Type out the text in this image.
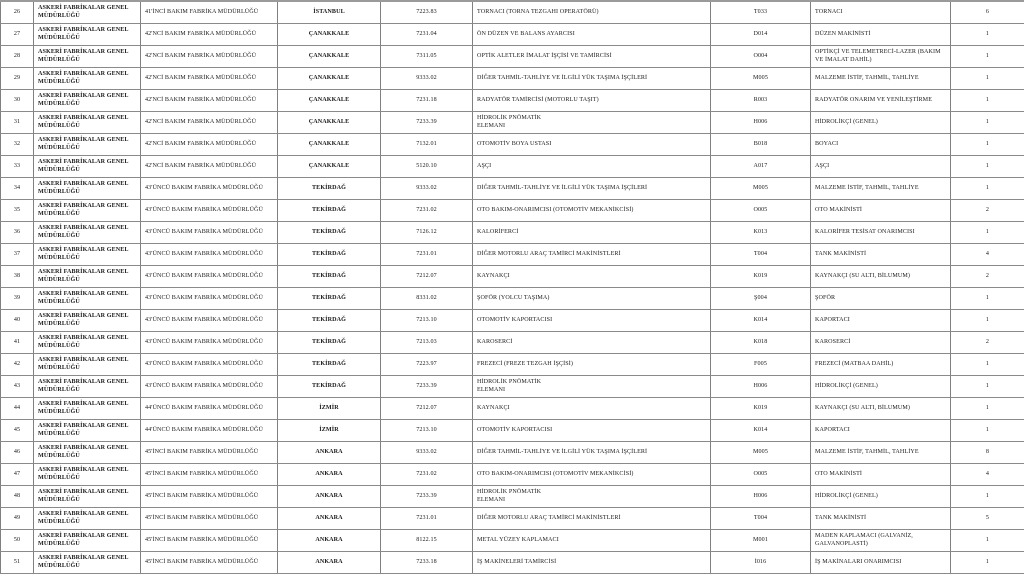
26	ASKERİ FABRİKALAR GENEL MÜDÜRLÜĞÜ	41'İNCİ BAKIM FABRİKA MÜDÜRLÜĞÜ	İSTANBUL	7223.83	TORNACI (TORNA TEZGAHI OPERATÖRÜ)	T033	TORNACI	6
27	ASKERİ FABRİKALAR GENEL MÜDÜRLÜĞÜ	42'NCİ BAKIM FABRİKA MÜDÜRLÜĞÜ	ÇANAKKALE	7231.04	ÖN DÜZEN VE BALANS AYARCISI	D014	DÜZEN MAKİNİSTİ	1
28	ASKERİ FABRİKALAR GENEL MÜDÜRLÜĞÜ	42'NCİ BAKIM FABRİKA MÜDÜRLÜĞÜ	ÇANAKKALE	7311.05	OPTİK ALETLER İMALAT İŞÇİSİ VE TAMİRCİSİ	O004	OPTİKÇİ VE TELEMETRECİ-LAZER (BAKIM VE İMALAT DAHİL)	1
29	ASKERİ FABRİKALAR GENEL MÜDÜRLÜĞÜ	42'NCİ BAKIM FABRİKA MÜDÜRLÜĞÜ	ÇANAKKALE	9333.02	DİĞER TAHMİL-TAHLİYE VE İLGİLİ YÜK TAŞIMA İŞÇİLERİ	M005	MALZEME İSTİF, TAHMİL, TAHLİYE	1
30	ASKERİ FABRİKALAR GENEL MÜDÜRLÜĞÜ	42'NCİ BAKIM FABRİKA MÜDÜRLÜĞÜ	ÇANAKKALE	7231.18	RADYATÖR TAMİRCİSİ (MOTORLU TAŞIT)	R003	RADYATÖR ONARIM VE YENİLEŞTİRME	1
31	ASKERİ FABRİKALAR GENEL MÜDÜRLÜĞÜ	42'NCİ BAKIM FABRİKA MÜDÜRLÜĞÜ	ÇANAKKALE	7233.39	HİDROLİK PNÖMATİK
ELEMANI	H006	HİDROLİKÇİ (GENEL)	1
32	ASKERİ FABRİKALAR GENEL MÜDÜRLÜĞÜ	42'NCİ BAKIM FABRİKA MÜDÜRLÜĞÜ	ÇANAKKALE	7132.01	OTOMOTİV BOYA USTASI	B018	BOYACI	1
33	ASKERİ FABRİKALAR GENEL MÜDÜRLÜĞÜ	42'NCİ BAKIM FABRİKA MÜDÜRLÜĞÜ	ÇANAKKALE	5120.10	AŞÇI	A017	AŞÇI	1
34	ASKERİ FABRİKALAR GENEL MÜDÜRLÜĞÜ	43'ÜNCÜ BAKIM FABRİKA MÜDÜRLÜĞÜ	TEKİRDAĞ	9333.02	DİĞER TAHMİL-TAHLİYE VE İLGİLİ YÜK TAŞIMA İŞÇİLERİ	M005	MALZEME İSTİF, TAHMİL, TAHLİYE	1
35	ASKERİ FABRİKALAR GENEL MÜDÜRLÜĞÜ	43'ÜNCÜ BAKIM FABRİKA MÜDÜRLÜĞÜ	TEKİRDAĞ	7231.02	OTO BAKIM-ONARIMCISI (OTOMOTİV MEKANİKCİSİ)	O005	OTO MAKİNİSTİ	2
36	ASKERİ FABRİKALAR GENEL MÜDÜRLÜĞÜ	43'ÜNCÜ BAKIM FABRİKA MÜDÜRLÜĞÜ	TEKİRDAĞ	7126.12	KALORİFERCİ	K013	KALORİFER TESİSAT ONARIMCISI	1
37	ASKERİ FABRİKALAR GENEL MÜDÜRLÜĞÜ	43'ÜNCÜ BAKIM FABRİKA MÜDÜRLÜĞÜ	TEKİRDAĞ	7231.01	DİĞER MOTORLU ARAÇ TAMİRCİ MAKİNİSTLERİ	T004	TANK MAKİNİSTİ	4
38	ASKERİ FABRİKALAR GENEL MÜDÜRLÜĞÜ	43'ÜNCÜ BAKIM FABRİKA MÜDÜRLÜĞÜ	TEKİRDAĞ	7212.07	KAYNAKÇI	K019	KAYNAKÇI (SU ALTI, BİLUMUM)	2
39	ASKERİ FABRİKALAR GENEL MÜDÜRLÜĞÜ	43'ÜNCÜ BAKIM FABRİKA MÜDÜRLÜĞÜ	TEKİRDAĞ	8331.02	ŞOFÖR (YOLCU TAŞIMA)	Ş004	ŞOFÖR	1
40	ASKERİ FABRİKALAR GENEL MÜDÜRLÜĞÜ	43'ÜNCÜ BAKIM FABRİKA MÜDÜRLÜĞÜ	TEKİRDAĞ	7213.10	OTOMOTİV KAPORTACISI	K014	KAPORTACI	1
41	ASKERİ FABRİKALAR GENEL MÜDÜRLÜĞÜ	43'ÜNCÜ BAKIM FABRİKA MÜDÜRLÜĞÜ	TEKİRDAĞ	7213.03	KAROSERCİ	K018	KAROSERCİ	2
42	ASKERİ FABRİKALAR GENEL MÜDÜRLÜĞÜ	43'ÜNCÜ BAKIM FABRİKA MÜDÜRLÜĞÜ	TEKİRDAĞ	7223.97	FREZECİ (FREZE TEZGAH İŞÇİSİ)	F005	FREZECİ (MATBAA DAHİL)	1
43	ASKERİ FABRİKALAR GENEL MÜDÜRLÜĞÜ	43'ÜNCÜ BAKIM FABRİKA MÜDÜRLÜĞÜ	TEKİRDAĞ	7233.39	HİDROLİK PNÖMATİK
ELEMANI	H006	HİDROLİKÇİ (GENEL)	1
44	ASKERİ FABRİKALAR GENEL MÜDÜRLÜĞÜ	44'ÜNCÜ BAKIM FABRİKA MÜDÜRLÜĞÜ	İZMİR	7212.07	KAYNAKÇI	K019	KAYNAKÇI (SU ALTI, BİLUMUM)	1
45	ASKERİ FABRİKALAR GENEL MÜDÜRLÜĞÜ	44'ÜNCÜ BAKIM FABRİKA MÜDÜRLÜĞÜ	İZMİR	7213.10	OTOMOTİV KAPORTACISI	K014	KAPORTACI	1
46	ASKERİ FABRİKALAR GENEL MÜDÜRLÜĞÜ	45'İNCİ BAKIM FABRİKA MÜDÜRLÜĞÜ	ANKARA	9333.02	DİĞER TAHMİL-TAHLİYE VE İLGİLİ YÜK TAŞIMA İŞÇİLERİ	M005	MALZEME İSTİF, TAHMİL, TAHLİYE	8
47	ASKERİ FABRİKALAR GENEL MÜDÜRLÜĞÜ	45'İNCİ BAKIM FABRİKA MÜDÜRLÜĞÜ	ANKARA	7231.02	OTO BAKIM-ONARIMCISI (OTOMOTİV MEKANİKCİSİ)	O005	OTO MAKİNİSTİ	4
48	ASKERİ FABRİKALAR GENEL MÜDÜRLÜĞÜ	45'İNCİ BAKIM FABRİKA MÜDÜRLÜĞÜ	ANKARA	7233.39	HİDROLİK PNÖMATİK
ELEMANI	H006	HİDROLİKÇİ (GENEL)	1
49	ASKERİ FABRİKALAR GENEL MÜDÜRLÜĞÜ	45'İNCİ BAKIM FABRİKA MÜDÜRLÜĞÜ	ANKARA	7231.01	DİĞER MOTORLU ARAÇ TAMİRCİ MAKİNİSTLERİ	T004	TANK MAKİNİSTİ	5
50	ASKERİ FABRİKALAR GENEL MÜDÜRLÜĞÜ	45'İNCİ BAKIM FABRİKA MÜDÜRLÜĞÜ	ANKARA	8122.15	METAL YÜZEY KAPLAMACI	M001	MADEN KAPLAMACI (GALVANİZ, GALVANOPLASTİ)	1
51	ASKERİ FABRİKALAR GENEL MÜDÜRLÜĞÜ	45'İNCİ BAKIM FABRİKA MÜDÜRLÜĞÜ	ANKARA	7233.18	İŞ MAKİNELERİ TAMİRCİSİ	İ016	İŞ MAKİNALARI ONARIMCISI	1
